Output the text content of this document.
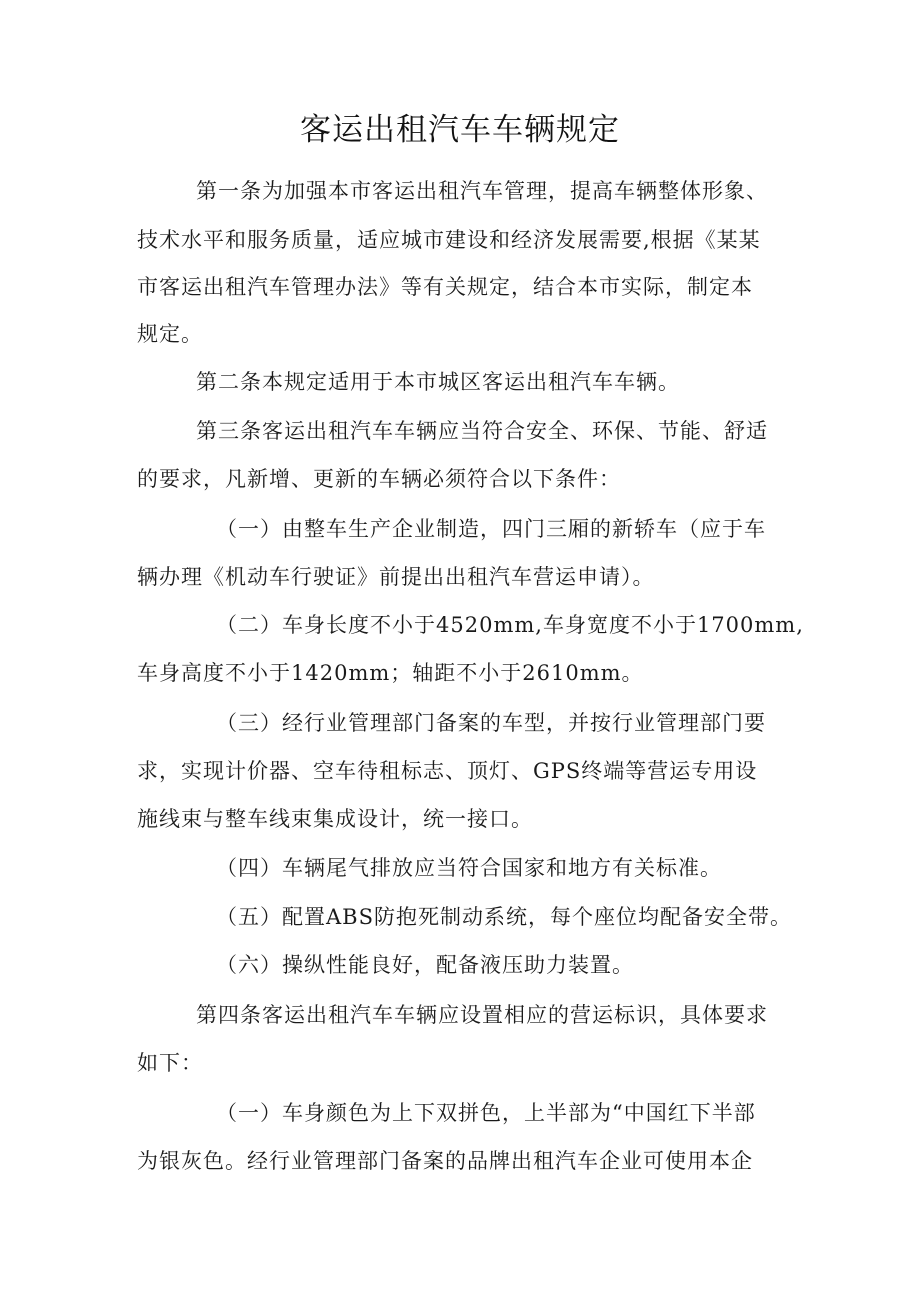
客运出租汽车车辆规定

第一条为加强本市客运出租汽车管理，提高车辆整体形象、

技术水平和服务质量，适应城市建设和经济发展需要,根据《某某

市客运出租汽车管理办法》等有关规定，结合本市实际，制定本

规定。

第二条本规定适用于本市城区客运出租汽车车辆。

第三条客运出租汽车车辆应当符合安全、环保、节能、舒适

的要求，凡新增、更新的车辆必须符合以下条件：

（一）由整车生产企业制造，四门三厢的新轿车（应于车

辆办理《机动车行驶证》前提出出租汽车营运申请）。

（二）车身长度不小于4520mm,车身宽度不小于1700mm,

车身高度不小于1420mm；轴距不小于2610mm。

（三）经行业管理部门备案的车型，并按行业管理部门要

求，实现计价器、空车待租标志、顶灯、GPS终端等营运专用设

施线束与整车线束集成设计，统一接口。

（四）车辆尾气排放应当符合国家和地方有关标准。

（五）配置ABS防抱死制动系统，每个座位均配备安全带。

（六）操纵性能良好，配备液压助力装置。

第四条客运出租汽车车辆应设置相应的营运标识，具体要求

如下：

（一）车身颜色为上下双拼色，上半部为“中国红下半部

为银灰色。经行业管理部门备案的品牌出租汽车企业可使用本企
